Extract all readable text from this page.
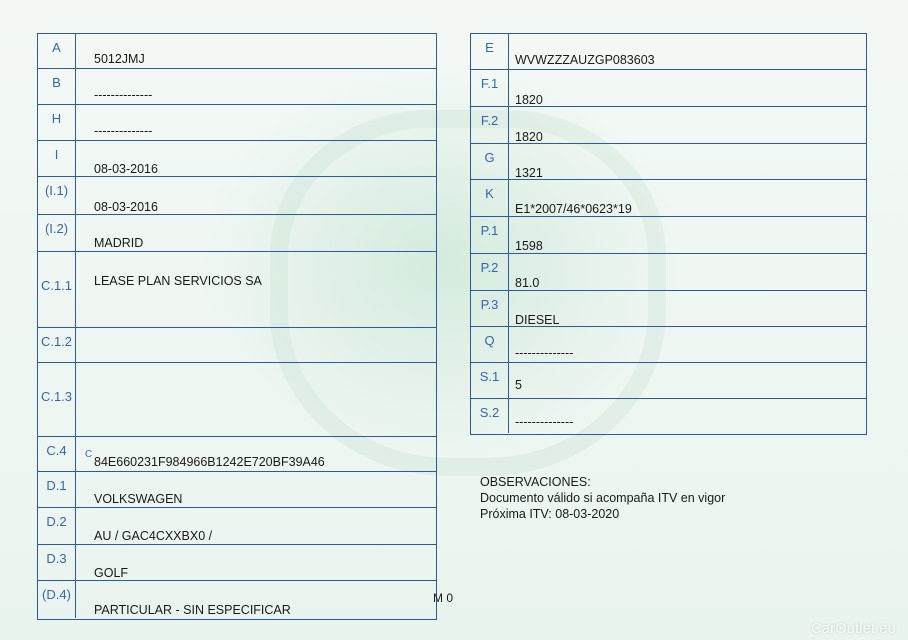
A
5012JMJ
B
--------------
H
--------------
I
08-03-2016
(I.1)
08-03-2016
(I.2)
MADRID
C.1.1 LEASE PLAN SERVICIOS SA
C.1.2
C.1.3
C.4
84E660231F984966B1242E720BF39A46
D.1
VOLKSWAGEN
D.2
AU / GAC4CXXBX0 /
D.3
GOLF
(D.4)
PARTICULAR - SIN ESPECIFICAR
C
E
WVWZZZAUZGP083603
F.1
1820
F.2
1820
G
1321
K
E1*2007/46*0623*19
P.1
1598
P.2
81.0
P.3
DIESEL
Q
--------------
S.1
5
S.2
--------------
OBSERVACIONES:
Documento válido si acompaña ITV en vigor
Próxima ITV: 08-03-2020
M 0
CarOutlet.eu
